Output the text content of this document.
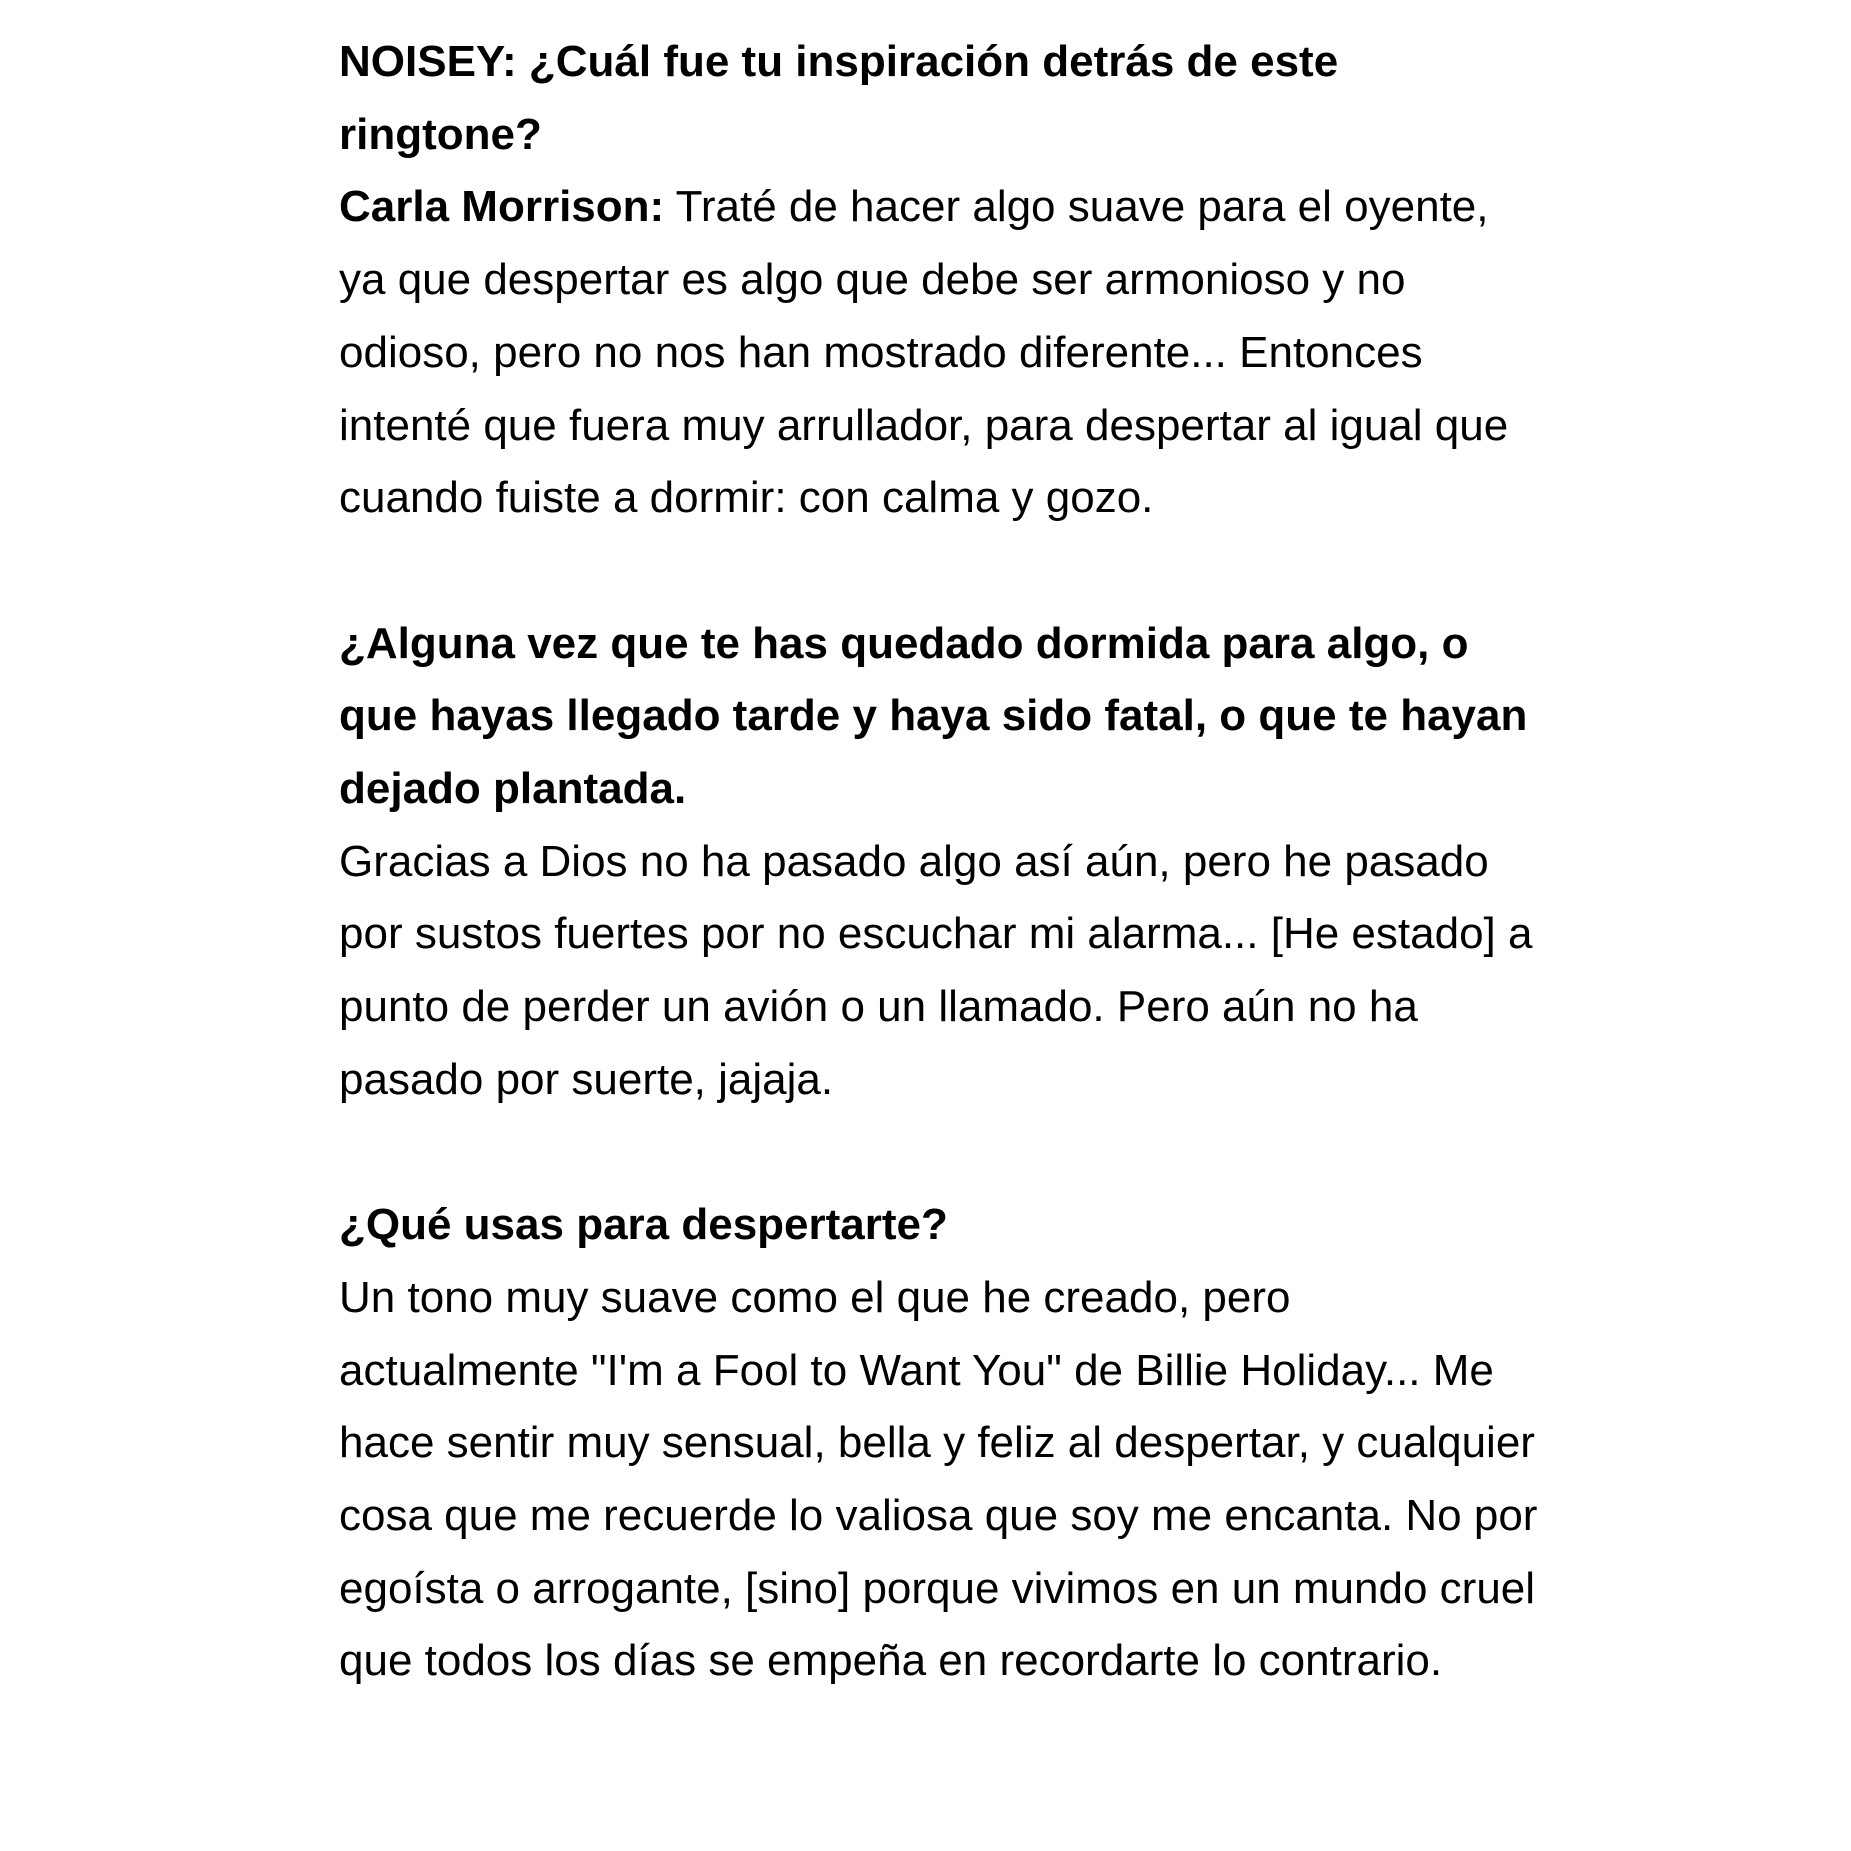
NOISEY: ¿Cuál fue tu inspiración detrás de este ringtone?

Carla Morrison: Traté de hacer algo suave para el oyente, ya que despertar es algo que debe ser armonioso y no odioso, pero no nos han mostrado diferente... Entonces intenté que fuera muy arrullador, para despertar al igual que cuando fuiste a dormir: con calma y gozo.

¿Alguna vez que te has quedado dormida para algo, o que hayas llegado tarde y haya sido fatal, o que te hayan dejado plantada.

Gracias a Dios no ha pasado algo así aún, pero he pasado por sustos fuertes por no escuchar mi alarma... [He estado] a punto de perder un avión o un llamado. Pero aún no ha pasado por suerte, jajaja.

¿Qué usas para despertarte?

Un tono muy suave como el que he creado, pero actualmente "I'm a Fool to Want You" de Billie Holiday... Me hace sentir muy sensual, bella y feliz al despertar, y cualquier cosa que me recuerde lo valiosa que soy me encanta. No por egoísta o arrogante, [sino] porque vivimos en un mundo cruel que todos los días se empeña en recordarte lo contrario.
